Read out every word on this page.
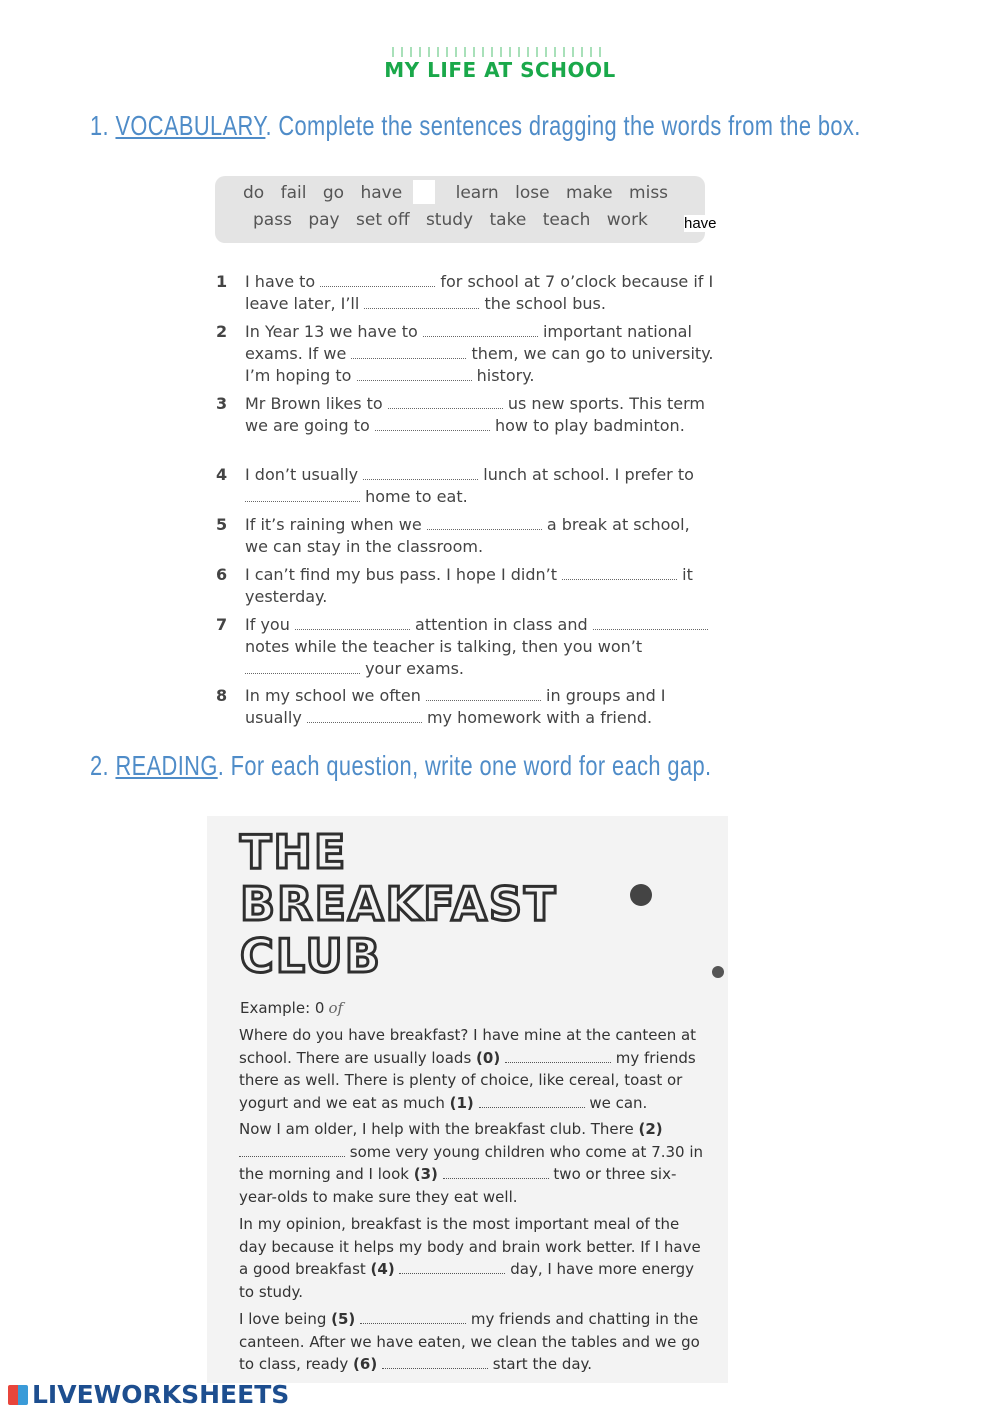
MY LIFE AT SCHOOL
1. VOCABULARY. Complete the sentences dragging the words from the box.
do fail go have	learn lose make miss
pass pay set off study take teach work	have
1 I have to	for school at 7 o’clock because if I leave later, I’ll	the school bus.
2 In Year 13 we have to	important national exams. If we	them, we can go to university. I’m hoping to	history.
3 Mr Brown likes to	us new sports. This term we are going to	how to play badminton.
4 I don’t usually	lunch at school. I prefer to  home to eat.
5 If it’s raining when we	a break at school, we can stay in the classroom.
6 I can’t find my bus pass. I hope I didn’t	it yesterday.
7 If you	attention in class and  notes while the teacher is talking, then you won’t  your exams.
8 In my school we often	in groups and I usually	my homework with a friend.
2. READING. For each question, write one word for each gap.
THE
BREAKFAST
CLUB
Example: 0 of
Where do you have breakfast? I have mine at the canteen at school. There are usually loads (0)	my friends there as well. There is plenty of choice, like cereal, toast or yogurt and we eat as much (1)	we can.
Now I am older, I help with the breakfast club. There (2)  some very young children who come at 7.30 in the morning and I look (3)	two or three six-year-olds to make sure they eat well.
In my opinion, breakfast is the most important meal of the day because it helps my body and brain work better. If I have a good breakfast (4)	day, I have more energy to study.
I love being (5)	my friends and chatting in the canteen. After we have eaten, we clean the tables and we go to class, ready (6)	start the day.
LIVEWORKSHEETS
